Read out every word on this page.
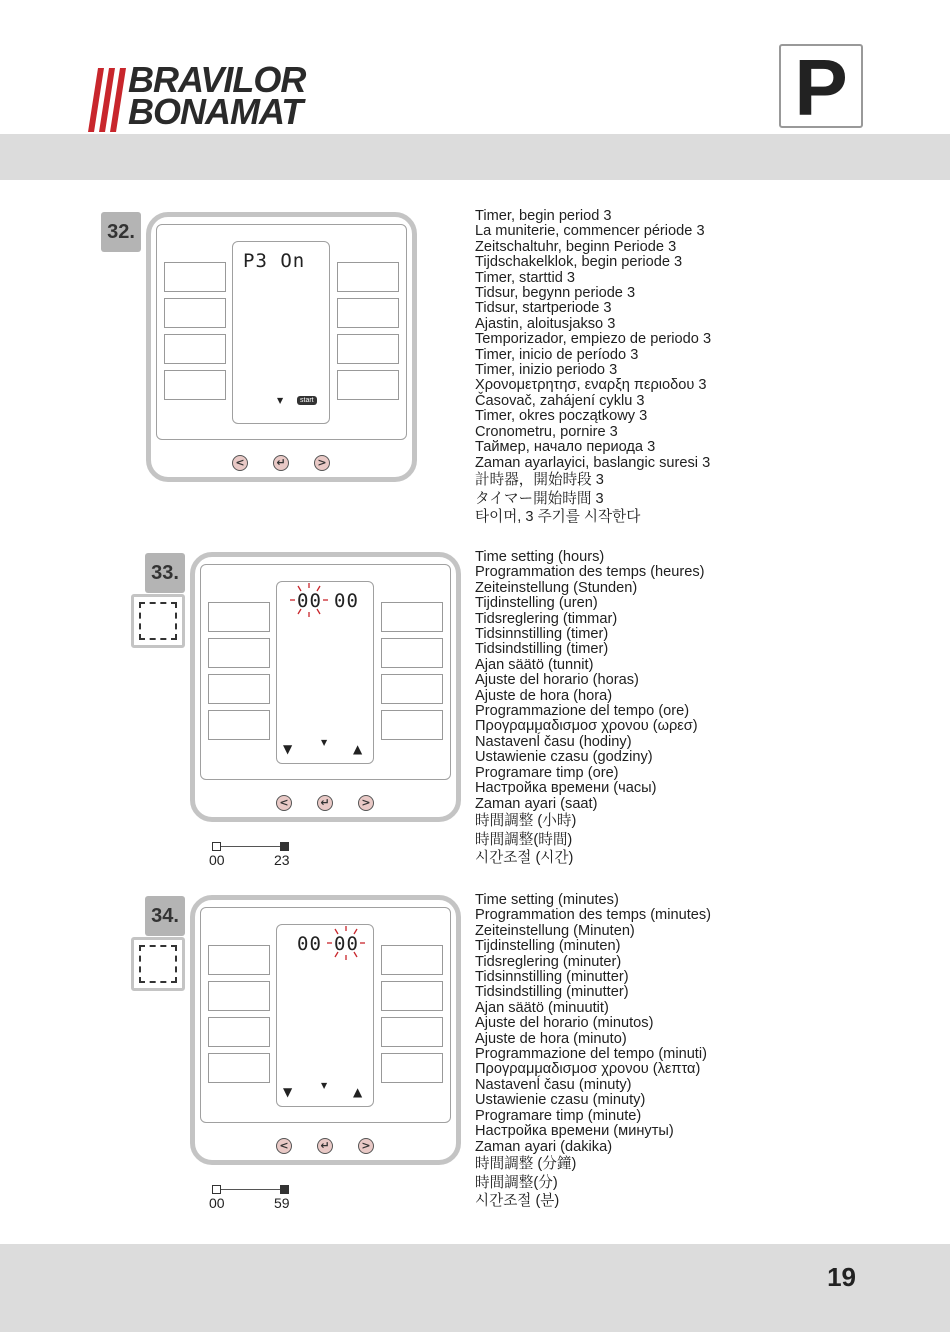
BRAVILOR
BONAMAT	P
32.
P3 On
▼	start
<	↵	>
Timer, begin period 3
La muniterie, commencer période 3
Zeitschaltuhr, beginn Periode 3
Tijdschakelklok, begin periode 3
Timer, starttid 3
Tidsur, begynn periode 3
Tidsur, startperiode 3
Ajastin, aloitusjakso 3
Temporizador, empiezo de periodo 3
Timer, inicio de período 3
Timer, inizio periodo 3
Χρονομετρητησ, εναρξη περιοδου 3
Časovač, zahájení cyklu 3
Timer, okres początkowy 3
Cronometru, pornire 3
Таймер, начало периода 3
Zaman ayarlayici, baslangic suresi 3
計時器，開始時段 3
タイマー開始時間 3
타이머, 3 주기를 시작한다
33.
00 00
▼	▼ ▲
<	↵	>
00	23
Time setting (hours)
Programmation des temps (heures)
Zeiteinstellung (Stunden)
Tijdinstelling (uren)
Tidsreglering (timmar)
Tidsinnstilling (timer)
Tidsindstilling (timer)
Ajan säätö (tunnit)
Ajuste del horario (horas)
Ajuste de hora (hora)
Programmazione del tempo (ore)
Προγραμμαδισμοσ χρονου (ωρεσ)
Nastavenĺ času (hodiny)
Ustawienie czasu (godziny)
Programare timp (ore)
Настройка времени (часы)
Zaman ayari (saat)
時間調整 (小時)
時間調整(時間)
시간조절 (시간)
34.
00 00
▼	▼ ▲
<	↵	>
00	59
Time setting (minutes)
Programmation des temps (minutes)
Zeiteinstellung (Minuten)
Tijdinstelling (minuten)
Tidsreglering (minuter)
Tidsinnstilling (minutter)
Tidsindstilling (minutter)
Ajan säätö (minuutit)
Ajuste del horario (minutos)
Ajuste de hora (minuto)
Programmazione del tempo (minuti)
Προγραμμαδισμοσ χρονου (λεπτα)
Nastavenĺ času (minuty)
Ustawienie czasu (minuty)
Programare timp (minute)
Настройка времени (минуты)
Zaman ayari (dakika)
時間調整 (分鐘)
時間調整(分)
시간조절 (분)
19
